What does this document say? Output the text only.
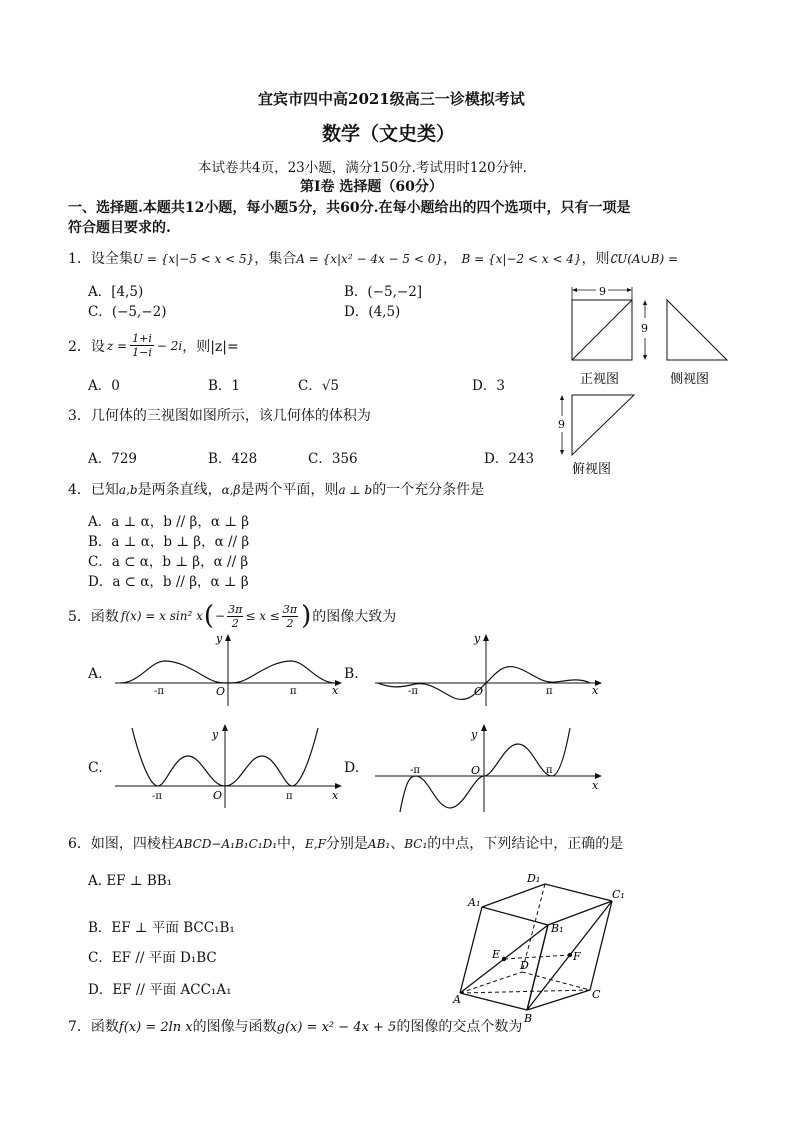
宜宾市四中高2021级高三一诊模拟考试
数学（文史类）
本试卷共4页，23小题，满分150分.考试用时120分钟.
第Ⅰ卷 选择题（60分）
一、选择题.本题共12小题，每小题5分，共60分.在每小题给出的四个选项中，只有一项是
符合题目要求的.
1．设全集U = {x|−5 < x < 5}，集合A = {x|x² − 4x − 5 < 0}， B = {x|−2 < x < 4}，则∁U(A∪B) =
A．[4,5)	B．(−5,−2]
C．(−5,−2)	D．(4,5)
2．设 $z = \frac{1+i}{1-i} - 2i$ ，则|z|=
A．0	B．1	C．√5	D．3
3．几何体的三视图如图所示，该几何体的体积为
A．729	B．428	C．356	D．243
9
9
正视图	侧视图
9
俯视图
4．已知a,b是两条直线，α,β是两个平面，则a ⊥ b的一个充分条件是
A．a ⊥ α，b // β，α ⊥ β
B．a ⊥ α，b ⊥ β，α // β
C．a ⊂ α，b ⊥ β，α // β
D．a ⊂ α，b // β，α ⊥ β
5．函数 f(x) = x sin² x ( − $\frac{3\pi}{2} \le x \le \frac{3\pi}{2}$ ) 的图像大致为
A.	B.
C.	D.
x
y
O
-π	π	x
y
O
-π	π
x
y
O
-π	π
x
y
O
-π	π
6．如图，四棱柱ABCD−A₁B₁C₁D₁中，E,F分别是AB₁、BC₁的中点，下列结论中，正确的是
A. EF ⊥ BB₁
B．EF ⊥ 平面 BCC₁B₁
C．EF // 平面 D₁BC
D．EF // 平面 ACC₁A₁
D₁
A₁
C₁
B₁
E
D
F
A	C
B
7．函数f(x) = 2ln x的图像与函数g(x) = x² − 4x + 5的图像的交点个数为
